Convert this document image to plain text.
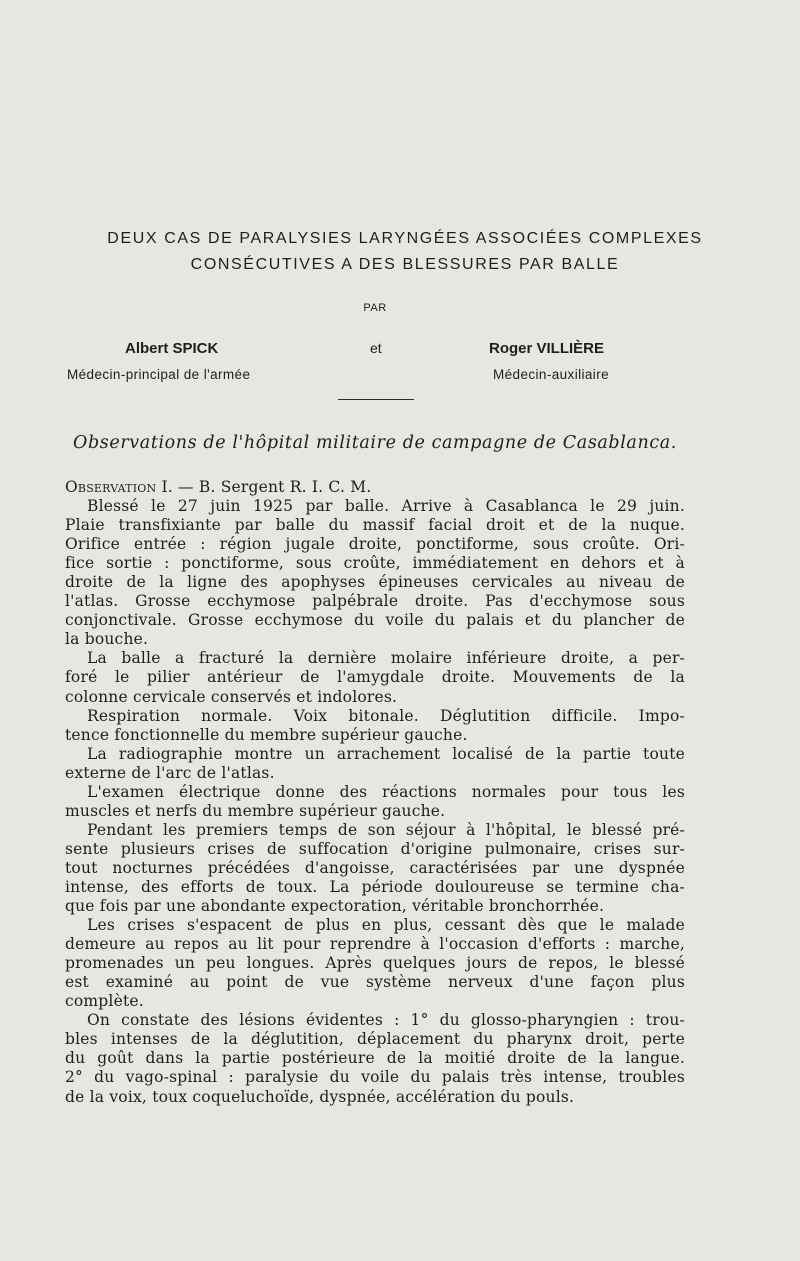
DEUX CAS DE PARALYSIES LARYNGÉES ASSOCIÉES COMPLEXES
CONSÉCUTIVES A DES BLESSURES PAR BALLE
PAR
Albert SPICK	et	Roger VILLIÈRE
Médecin-principal de l'armée	Médecin-auxiliaire
Observations de l'hôpital militaire de campagne de Casablanca.
Observation I. — B. Sergent R. I. C. M.
Blessé le 27 juin 1925 par balle. Arrive à Casablanca le 29 juin.
Plaie transfixiante par balle du massif facial droit et de la nuque.
Orifice entrée : région jugale droite, ponctiforme, sous croûte. Ori-
fice sortie : ponctiforme, sous croûte, immédiatement en dehors et à
droite de la ligne des apophyses épineuses cervicales au niveau de
l'atlas. Grosse ecchymose palpébrale droite. Pas d'ecchymose sous
conjonctivale. Grosse ecchymose du voile du palais et du plancher de
la bouche.
La balle a fracturé la dernière molaire inférieure droite, a per-
foré le pilier antérieur de l'amygdale droite. Mouvements de la
colonne cervicale conservés et indolores.
Respiration normale. Voix bitonale. Déglutition difficile. Impo-
tence fonctionnelle du membre supérieur gauche.
La radiographie montre un arrachement localisé de la partie toute
externe de l'arc de l'atlas.
L'examen électrique donne des réactions normales pour tous les
muscles et nerfs du membre supérieur gauche.
Pendant les premiers temps de son séjour à l'hôpital, le blessé pré-
sente plusieurs crises de suffocation d'origine pulmonaire, crises sur-
tout nocturnes précédées d'angoisse, caractérisées par une dyspnée
intense, des efforts de toux. La période douloureuse se termine cha-
que fois par une abondante expectoration, véritable bronchorrhée.
Les crises s'espacent de plus en plus, cessant dès que le malade
demeure au repos au lit pour reprendre à l'occasion d'efforts : marche,
promenades un peu longues. Après quelques jours de repos, le blessé
est examiné au point de vue système nerveux d'une façon plus
complète.
On constate des lésions évidentes : 1° du glosso-pharyngien : trou-
bles intenses de la déglutition, déplacement du pharynx droit, perte
du goût dans la partie postérieure de la moitié droite de la langue.
2° du vago-spinal : paralysie du voile du palais très intense, troubles
de la voix, toux coqueluchoïde, dyspnée, accélération du pouls.
